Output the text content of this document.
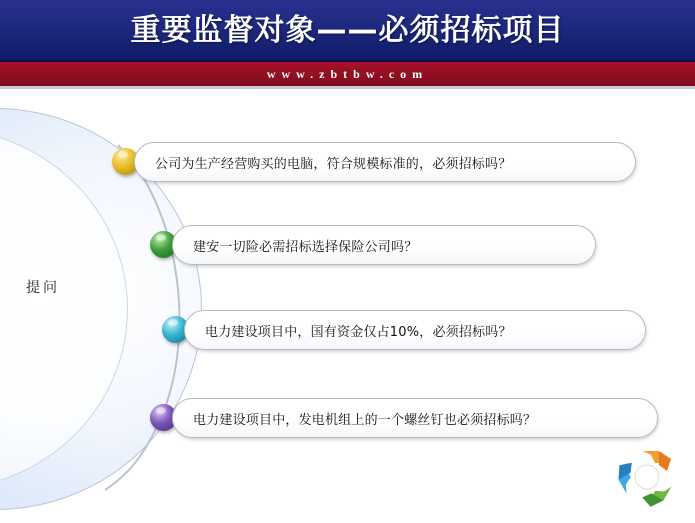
重要监督对象——必须招标项目
www.zbtbw.com
提问
公司为生产经营购买的电脑，符合规模标准的，必须招标吗？
建安一切险必需招标选择保险公司吗？
电力建设项目中，国有资金仅占10%，必须招标吗？
电力建设项目中，发电机组上的一个螺丝钉也必须招标吗？
